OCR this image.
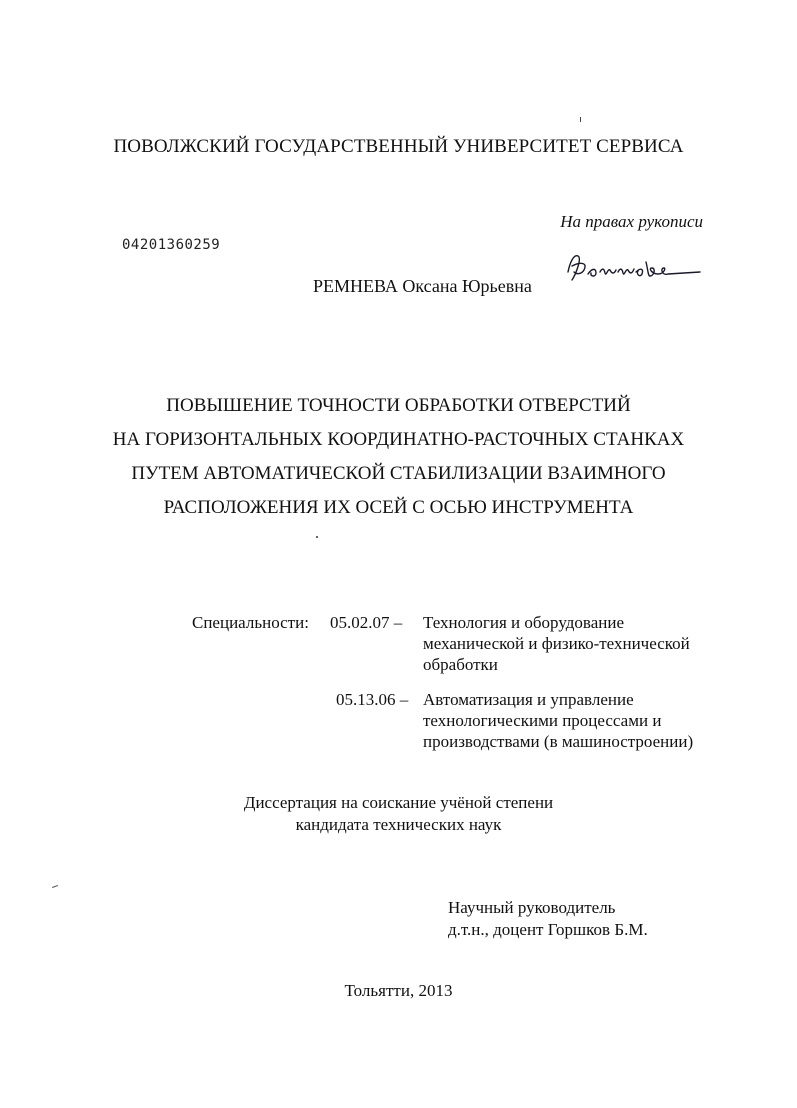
ПОВОЛЖСКИЙ ГОСУДАРСТВЕННЫЙ УНИВЕРСИТЕТ СЕРВИСА
На правах рукописи
04201360259
РЕМНЕВА Оксана Юрьевна
ПОВЫШЕНИЕ ТОЧНОСТИ ОБРАБОТКИ ОТВЕРСТИЙ
НА ГОРИЗОНТАЛЬНЫХ КООРДИНАТНО-РАСТОЧНЫХ СТАНКАХ
ПУТЕМ АВТОМАТИЧЕСКОЙ СТАБИЛИЗАЦИИ ВЗАИМНОГО
РАСПОЛОЖЕНИЯ ИХ ОСЕЙ С ОСЬЮ ИНСТРУМЕНТА
Специальности: 05.02.07 – Технология и оборудование
механической и физико-технической
обработки
05.13.06 – Автоматизация и управление
технологическими процессами и
производствами (в машиностроении)
Диссертация на соискание учёной степени
кандидата технических наук
Научный руководитель
д.т.н., доцент Горшков Б.М.
Тольятти, 2013
